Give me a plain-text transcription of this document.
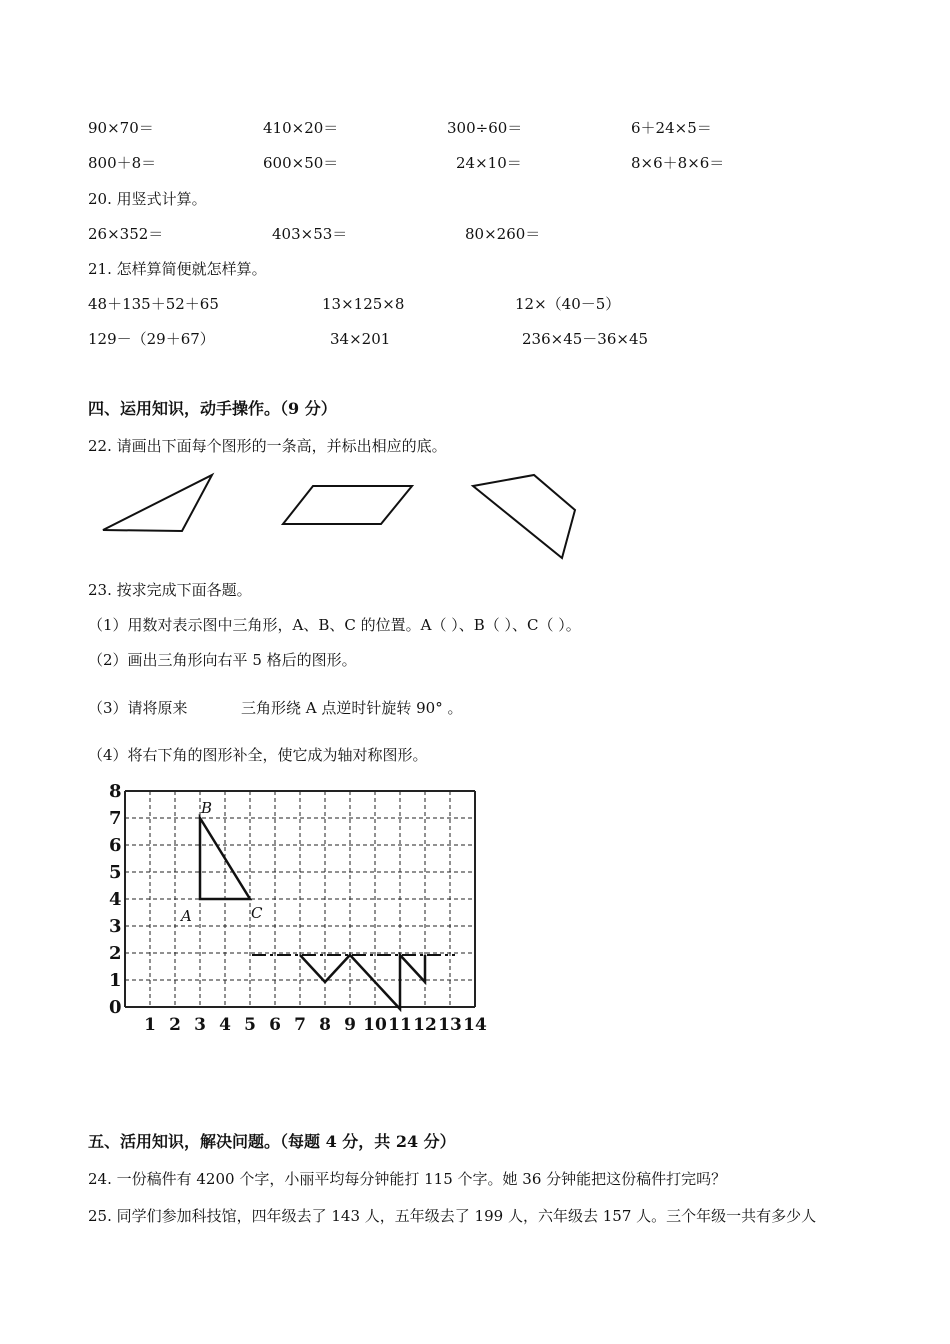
90×70＝	410×20＝	300÷60＝	6＋24×5＝
800＋8＝	600×50＝	24×10＝	8×6＋8×6＝
20. 用竖式计算。
26×352＝	403×53＝	80×260＝
21. 怎样算简便就怎样算。
48＋135＋52＋65	13×125×8	12×（40－5）
129－（29＋67）	34×201	236×45－36×45
四、运用知识，动手操作。（9 分）
22. 请画出下面每个图形的一条高，并标出相应的底。
23. 按求完成下面各题。
（1）用数对表示图中三角形，A、B、C 的位置。A（ ）、B（ ）、C（ ）。
（2）画出三角形向右平 5 格后的图形。
（3）请将原来	三角形绕 A 点逆时针旋转 90° 。
（4）将右下角的图形补全，使它成为轴对称图形。
0
1
2
3
4
5
6
7
8
1 2 3 4 5 6 7 8 9 10 11 12 13 14
B
A	C
五、活用知识，解决问题。（每题 4 分，共 24 分）
24. 一份稿件有 4200 个字，小丽平均每分钟能打 115 个字。她 36 分钟能把这份稿件打完吗？
25. 同学们参加科技馆，四年级去了 143 人，五年级去了 199 人，六年级去 157 人。三个年级一共有多少人
